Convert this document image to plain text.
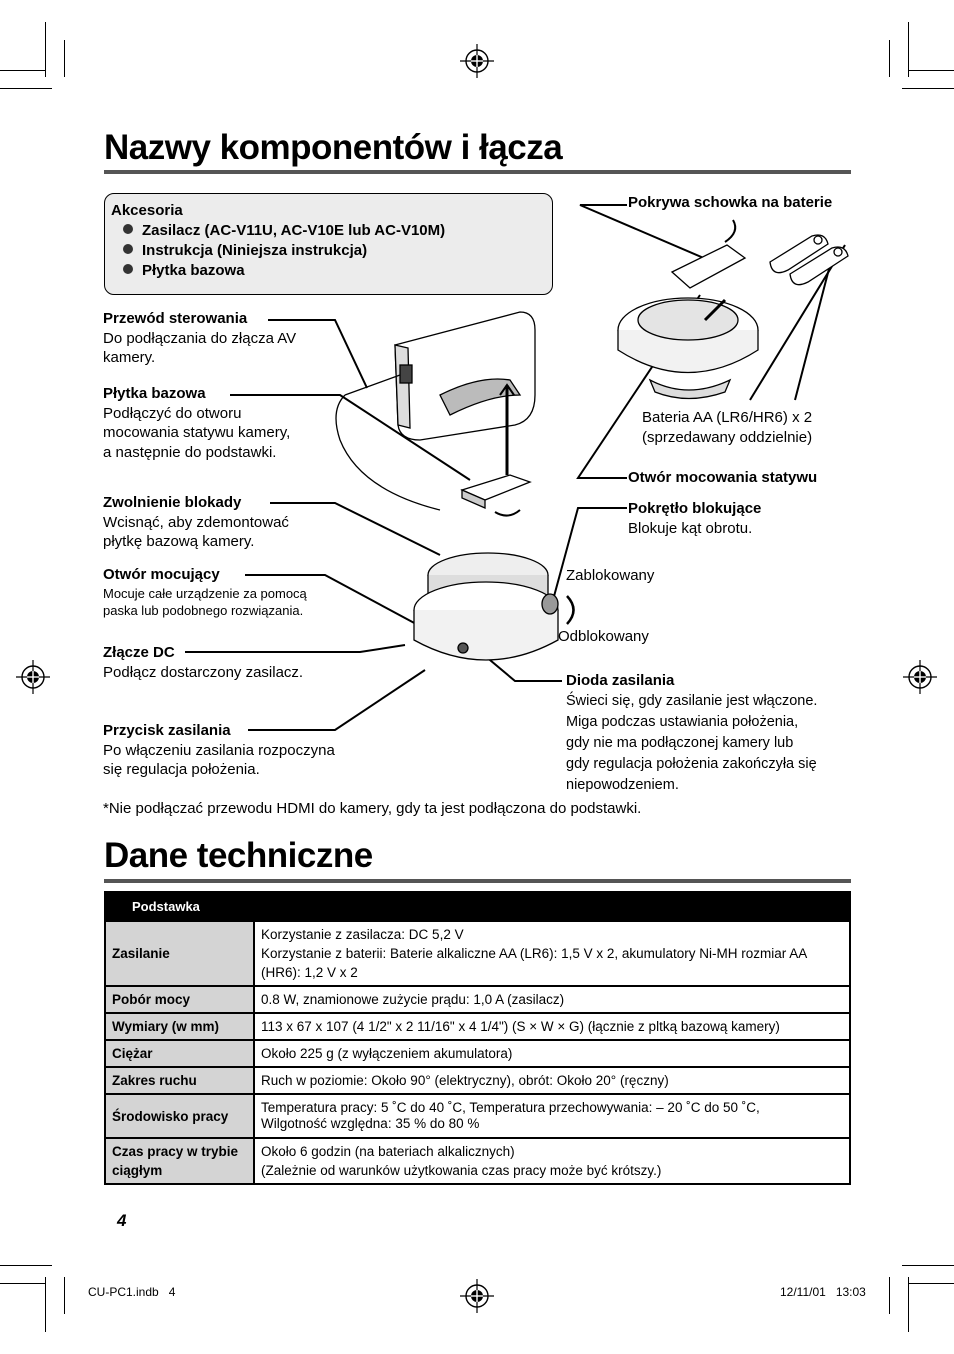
Nazwy komponentów i łącza
Akcesoria
Zasilacz (AC-V11U, AC-V10E lub AC-V10M)
Instrukcja (Niniejsza instrukcja)
Płytka bazowa
Przewód sterowania
Do podłączania do złącza AV
kamery.
Płytka bazowa
Podłączyć do otworu
mocowania statywu kamery,
a następnie do podstawki.
Zwolnienie blokady
Wcisnąć, aby zdemontować
płytkę bazową kamery.
Otwór mocujący
Mocuje całe urządzenie za pomocą
paska lub podobnego rozwiązania.
Złącze DC
Podłącz dostarczony zasilacz.
Przycisk zasilania
Po włączeniu zasilania rozpoczyna
się regulacja położenia.
Pokrywa schowka na baterie
Bateria AA (LR6/HR6) x 2
(sprzedawany oddzielnie)
Otwór mocowania statywu
Pokrętło blokujące
Blokuje kąt obrotu.
Zablokowany
Odblokowany
Dioda zasilania
Świeci się, gdy zasilanie jest włączone.
Miga podczas ustawiania położenia,
gdy nie ma podłączonej kamery lub
gdy regulacja położenia zakończyła się
niepowodzeniem.
*Nie podłączać przewodu HDMI do kamery, gdy ta jest podłączona do podstawki.
Dane techniczne
Podstawka	
Zasilanie	Korzystanie z zasilacza: DC 5,2 V
Korzystanie z baterii: Baterie alkaliczne AA (LR6): 1,5 V x 2, akumulatory Ni-MH rozmiar AA (HR6): 1,2 V x 2

Pobór mocy	0.8 W, znamionowe zużycie prądu: 1,0 A (zasilacz)

Wymiary (w mm)	113 x 67 x 107 (4 1/2" x 2 11/16" x 4 1/4") (S × W × G) (łącznie z pltką bazową kamery)

Ciężar	Około 225 g (z wyłączeniem akumulatora)

Zakres ruchu	Ruch w poziomie: Około 90° (elektryczny), obrót: Około 20° (ręczny)

Środowisko pracy	Temperatura pracy: 5 ˚C do 40 ˚C, Temperatura przechowywania: – 20 ˚C do 50 ˚C,
Wilgotność względna: 35 % do 80 %

Czas pracy w trybie ciągłym	Około 6 godzin (na bateriach alkalicznych)
(Zależnie od warunków użytkowania czas pracy może być krótszy.)
4
CU-PC1.indb   4	12/11/01   13:03
